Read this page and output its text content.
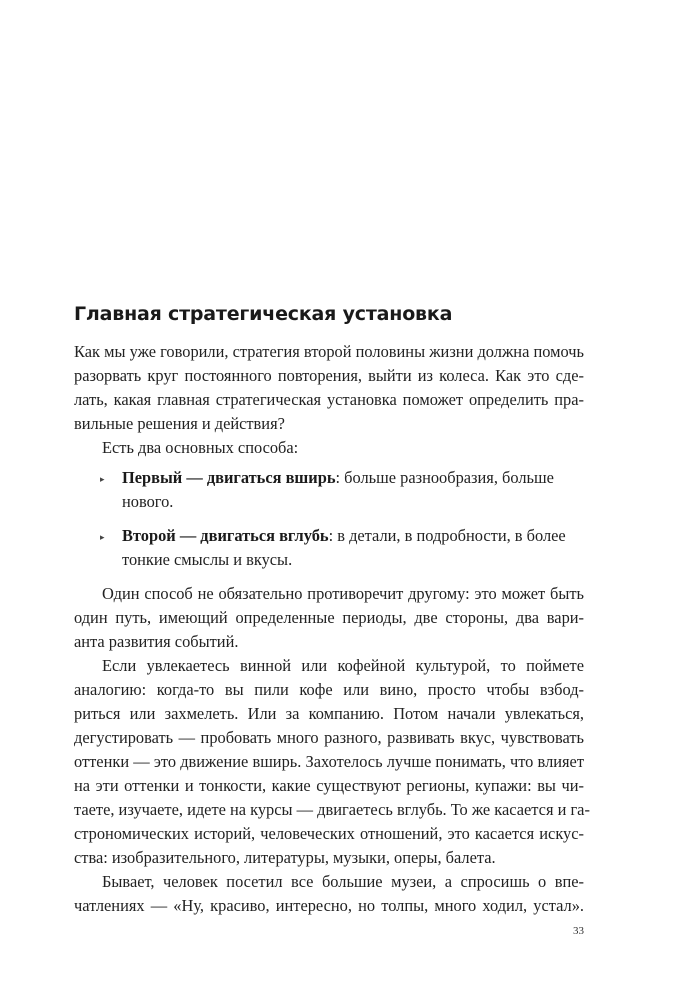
Главная стратегическая установка
Как мы уже говорили, стратегия второй половины жизни должна помочь
разорвать круг постоянного повторения, выйти из колеса. Как это сде-
лать, какая главная стратегическая установка поможет определить пра-
вильные решения и действия?
Есть два основных способа:
▸ Первый — двигаться вширь: больше разнообразия, больше
нового.
▸ Второй — двигаться вглубь: в детали, в подробности, в более
тонкие смыслы и вкусы.
Один способ не обязательно противоречит другому: это может быть
один путь, имеющий определенные периоды, две стороны, два вари-
анта развития событий.
Если увлекаетесь винной или кофейной культурой, то поймете
аналогию: когда-то вы пили кофе или вино, просто чтобы взбод-
риться или захмелеть. Или за компанию. Потом начали увлекаться,
дегустировать — пробовать много разного, развивать вкус, чувствовать
оттенки — это движение вширь. Захотелось лучше понимать, что влияет
на эти оттенки и тонкости, какие существуют регионы, купажи: вы чи-
таете, изучаете, идете на курсы — двигаетесь вглубь. То же касается и га-
строномических историй, человеческих отношений, это касается искус-
ства: изобразительного, литературы, музыки, оперы, балета.
Бывает, человек посетил все большие музеи, а спросишь о впе-
чатлениях — «Ну, красиво, интересно, но толпы, много ходил, устал».
33
